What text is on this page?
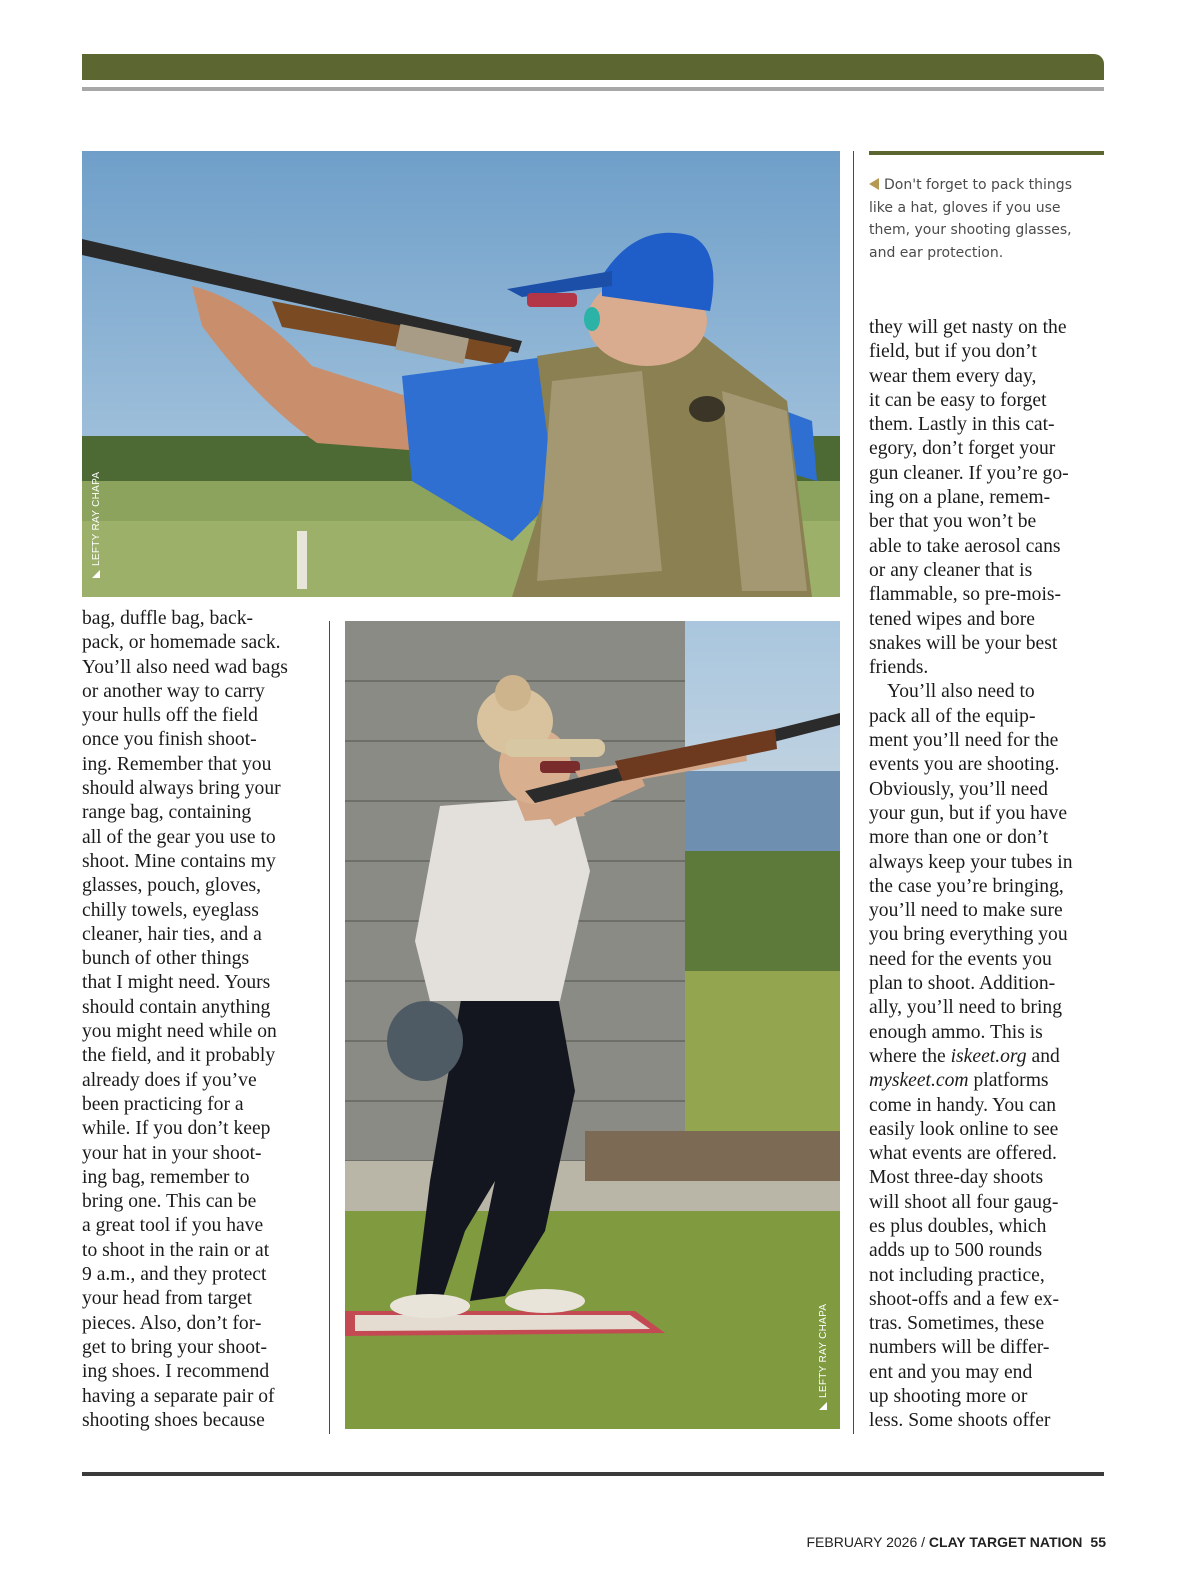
LEFTY RAY CHAPA
LEFTY RAY CHAPA
Don't forget to pack things
like a hat, gloves if you use
them, your shooting glasses,
and ear protection.

bag, duffle bag, back-
pack, or homemade sack.
You’ll also need wad bags
or another way to carry
your hulls off the field
once you finish shoot-
ing. Remember that you
should always bring your
range bag, containing
all of the gear you use to
shoot. Mine contains my
glasses, pouch, gloves,
chilly towels, eyeglass
cleaner, hair ties, and a
bunch of other things
that I might need. Yours
should contain anything
you might need while on
the field, and it probably
already does if you’ve
been practicing for a
while. If you don’t keep
your hat in your shoot-
ing bag, remember to
bring one. This can be
a great tool if you have
to shoot in the rain or at
9 a.m., and they protect
your head from target
pieces. Also, don’t for-
get to bring your shoot-
ing shoes. I recommend
having a separate pair of
shooting shoes because

they will get nasty on the
field, but if you don’t
wear them every day,
it can be easy to forget
them. Lastly in this cat-
egory, don’t forget your
gun cleaner. If you’re go-
ing on a plane, remem-
ber that you won’t be
able to take aerosol cans
or any cleaner that is
flammable, so pre-mois-
tened wipes and bore
snakes will be your best
friends.

You’ll also need to
pack all of the equip-
ment you’ll need for the
events you are shooting.
Obviously, you’ll need
your gun, but if you have
more than one or don’t
always keep your tubes in
the case you’re bringing,
you’ll need to make sure
you bring everything you
need for the events you
plan to shoot. Addition-
ally, you’ll need to bring
enough ammo. This is
where the iskeet.org and
myskeet.com platforms
come in handy. You can
easily look online to see
what events are offered.
Most three-day shoots
will shoot all four gaug-
es plus doubles, which
adds up to 500 rounds
not including practice,
shoot-offs and a few ex-
tras. Sometimes, these
numbers will be differ-
ent and you may end
up shooting more or
less. Some shoots offer

FEBRUARY 2026 / CLAY TARGET NATION 55
